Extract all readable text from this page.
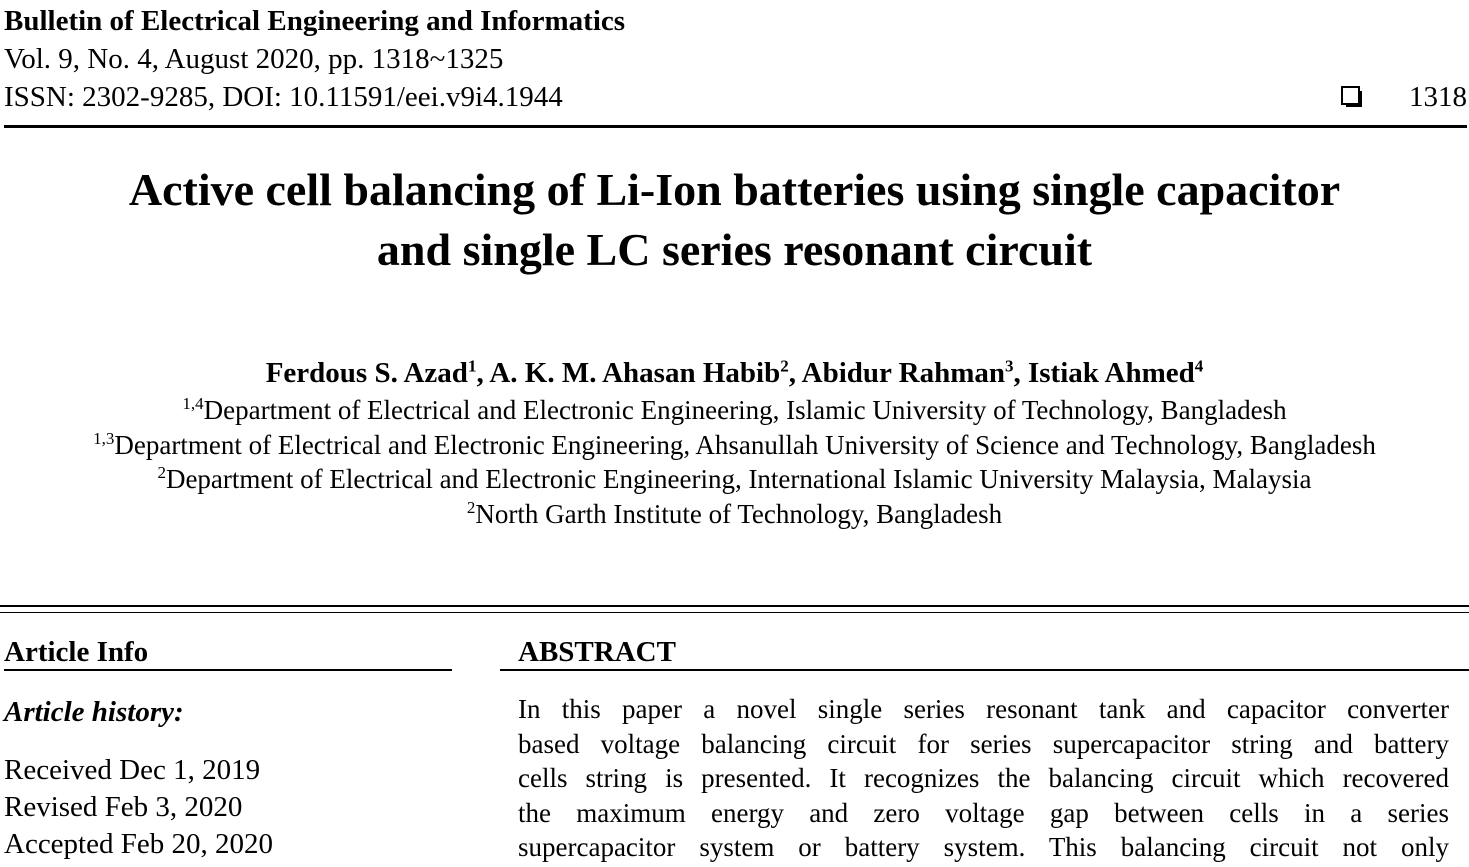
Bulletin of Electrical Engineering and Informatics
Vol. 9, No. 4, August 2020, pp. 1318~1325
ISSN: 2302-9285, DOI: 10.11591/eei.v9i4.1944	1318
Active cell balancing of Li-Ion batteries using single capacitor
and single LC series resonant circuit
Ferdous S. Azad$^1$, A. K. M. Ahasan Habib$^2$, Abidur Rahman$^3$, Istiak Ahmed$^4$
$^{1,4}$Department of Electrical and Electronic Engineering, Islamic University of Technology, Bangladesh
$^{1,3}$Department of Electrical and Electronic Engineering, Ahsanullah University of Science and Technology, Bangladesh
$^2$Department of Electrical and Electronic Engineering, International Islamic University Malaysia, Malaysia
$^2$North Garth Institute of Technology, Bangladesh
Article Info	ABSTRACT
Article history:
Received Dec 1, 2019
Revised Feb 3, 2020
Accepted Feb 20, 2020
In this paper a novel single series resonant tank and capacitor converter
based voltage balancing circuit for series supercapacitor string and battery
cells string is presented. It recognizes the balancing circuit which recovered
the maximum energy and zero voltage gap between cells in a series
supercapacitor system or battery system. This balancing circuit not only
